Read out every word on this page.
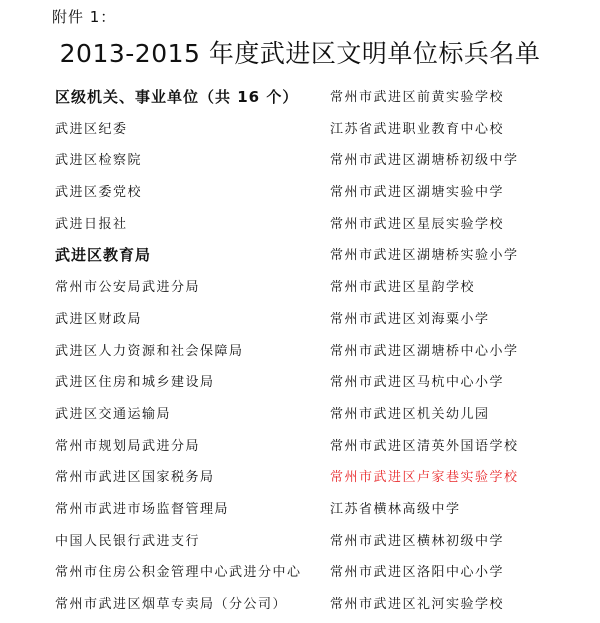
附件 1：
2013-2015 年度武进区文明单位标兵名单
区级机关、事业单位（共 16 个）
武进区纪委
武进区检察院
武进区委党校
武进日报社
武进区教育局
常州市公安局武进分局
武进区财政局
武进区人力资源和社会保障局
武进区住房和城乡建设局
武进区交通运输局
常州市规划局武进分局
常州市武进区国家税务局
常州市武进市场监督管理局
中国人民银行武进支行
常州市住房公积金管理中心武进分中心
常州市武进区烟草专卖局（分公司）
常州市武进区前黄实验学校
江苏省武进职业教育中心校
常州市武进区湖塘桥初级中学
常州市武进区湖塘实验中学
常州市武进区星辰实验学校
常州市武进区湖塘桥实验小学
常州市武进区星韵学校
常州市武进区刘海粟小学
常州市武进区湖塘桥中心小学
常州市武进区马杭中心小学
常州市武进区机关幼儿园
常州市武进区清英外国语学校
常州市武进区卢家巷实验学校
江苏省横林高级中学
常州市武进区横林初级中学
常州市武进区洛阳中心小学
常州市武进区礼河实验学校
